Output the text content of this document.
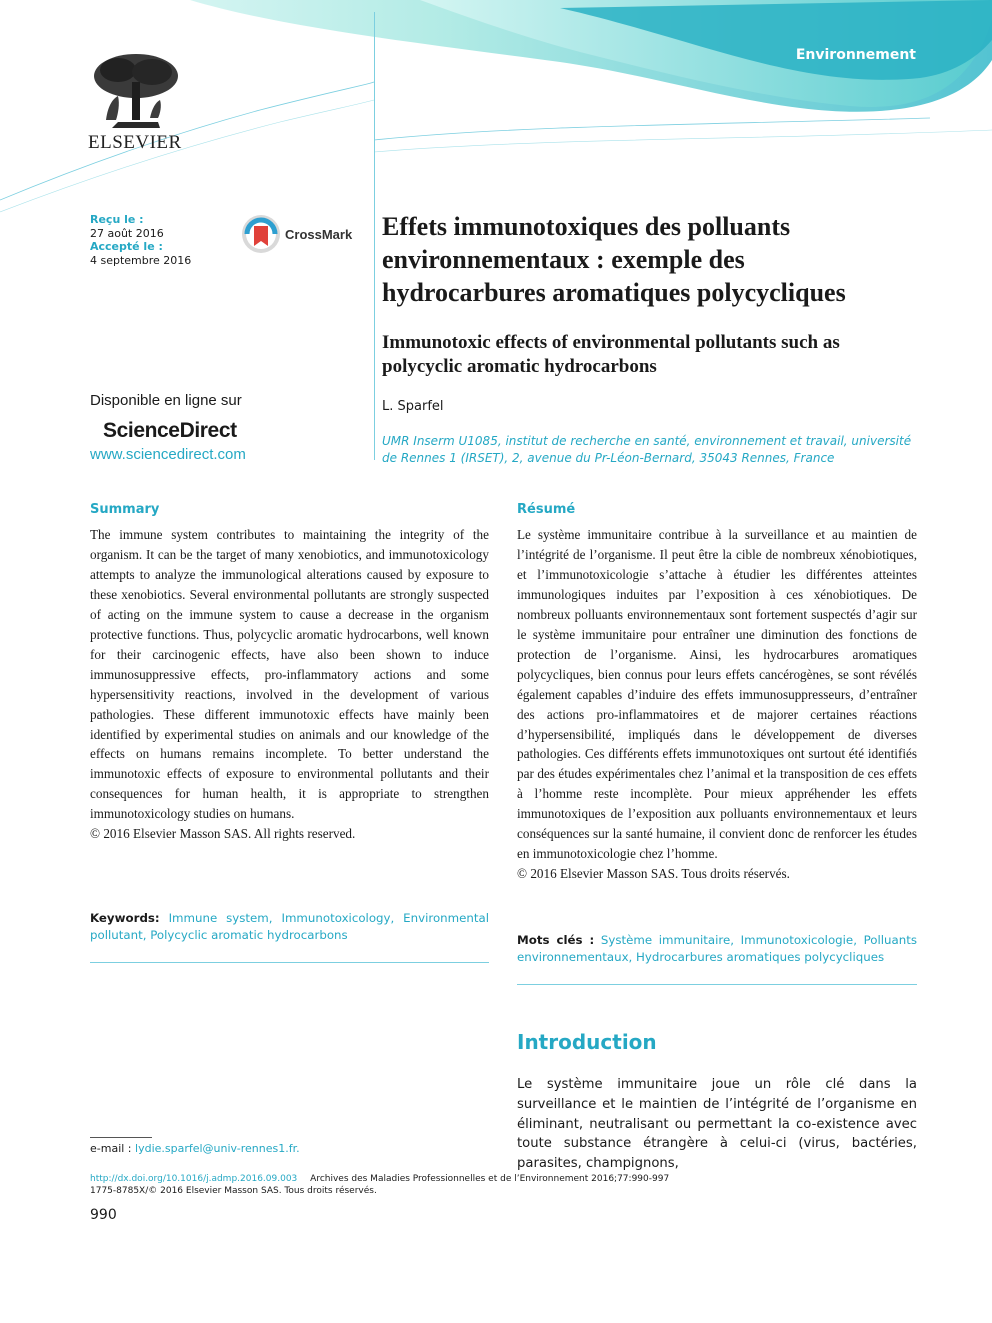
Environnement
ELSEVIER
Reçu le :
27 août 2016
Accepté le :
4 septembre 2016
CrossMark Effets immunotoxiques des polluants environnementaux : exemple des hydrocarbures aromatiques polycycliques
Immunotoxic effects of environmental pollutants such as polycyclic aromatic hydrocarbons
L. Sparfel
UMR Inserm U1085, institut de recherche en santé, environnement et travail, université de Rennes 1 (IRSET), 2, avenue du Pr-Léon-Bernard, 35043 Rennes, France
Disponible en ligne sur
ScienceDirect
www.sciencedirect.com
Summary

The immune system contributes to maintaining the integrity of the organism. It can be the target of many xenobiotics, and immunotoxicology attempts to analyze the immunological alterations caused by exposure to these xenobiotics. Several environmental pollutants are strongly suspected of acting on the immune system to cause a decrease in the organism protective functions. Thus, polycyclic aromatic hydrocarbons, well known for their carcinogenic effects, have also been shown to induce immunosuppressive effects, pro-inflammatory actions and some hypersensitivity reactions, involved in the development of various pathologies. These different immunotoxic effects have mainly been identified by experimental studies on animals and our knowledge of the effects on humans remains incomplete. To better understand the immunotoxic effects of exposure to environmental pollutants and their consequences for human health, it is appropriate to strengthen immunotoxicology studies on humans.

© 2016 Elsevier Masson SAS. All rights reserved.

Keywords: Immune system, Immunotoxicology, Environmental pollutant, Polycyclic aromatic hydrocarbons
Résumé

Le système immunitaire contribue à la surveillance et au maintien de l’intégrité de l’organisme. Il peut être la cible de nombreux xénobiotiques, et l’immunotoxicologie s’attache à étudier les différentes atteintes immunologiques induites par l’exposition à ces xénobiotiques. De nombreux polluants environnementaux sont fortement suspectés d’agir sur le système immunitaire pour entraîner une diminution des fonctions de protection de l’organisme. Ainsi, les hydrocarbures aromatiques polycycliques, bien connus pour leurs effets cancérogènes, se sont révélés également capables d’induire des effets immunosuppresseurs, d’entraîner des actions pro-inflammatoires et de majorer certaines réactions d’hypersensibilité, impliqués dans le développement de diverses pathologies. Ces différents effets immunotoxiques ont surtout été identifiés par des études expérimentales chez l’animal et la transposition de ces effets à l’homme reste incomplète. Pour mieux appréhender les effets immunotoxiques de l’exposition aux polluants environnementaux et leurs conséquences sur la santé humaine, il convient donc de renforcer les études en immunotoxicologie chez l’homme.

© 2016 Elsevier Masson SAS. Tous droits réservés.

Mots clés : Système immunitaire, Immunotoxicologie, Polluants environnementaux, Hydrocarbures aromatiques polycycliques
Introduction

Le système immunitaire joue un rôle clé dans la surveillance et le maintien de l’intégrité de l’organisme en éliminant, neutralisant ou permettant la co-existence avec toute substance étrangère à celui-ci (virus, bactéries, parasites, champignons,

e-mail : lydie.sparfel@univ-rennes1.fr.
http://dx.doi.org/10.1016/j.admp.2016.09.003 Archives des Maladies Professionnelles et de l’Environnement 2016;77:990-997
1775-8785X/© 2016 Elsevier Masson SAS. Tous droits réservés.
990
